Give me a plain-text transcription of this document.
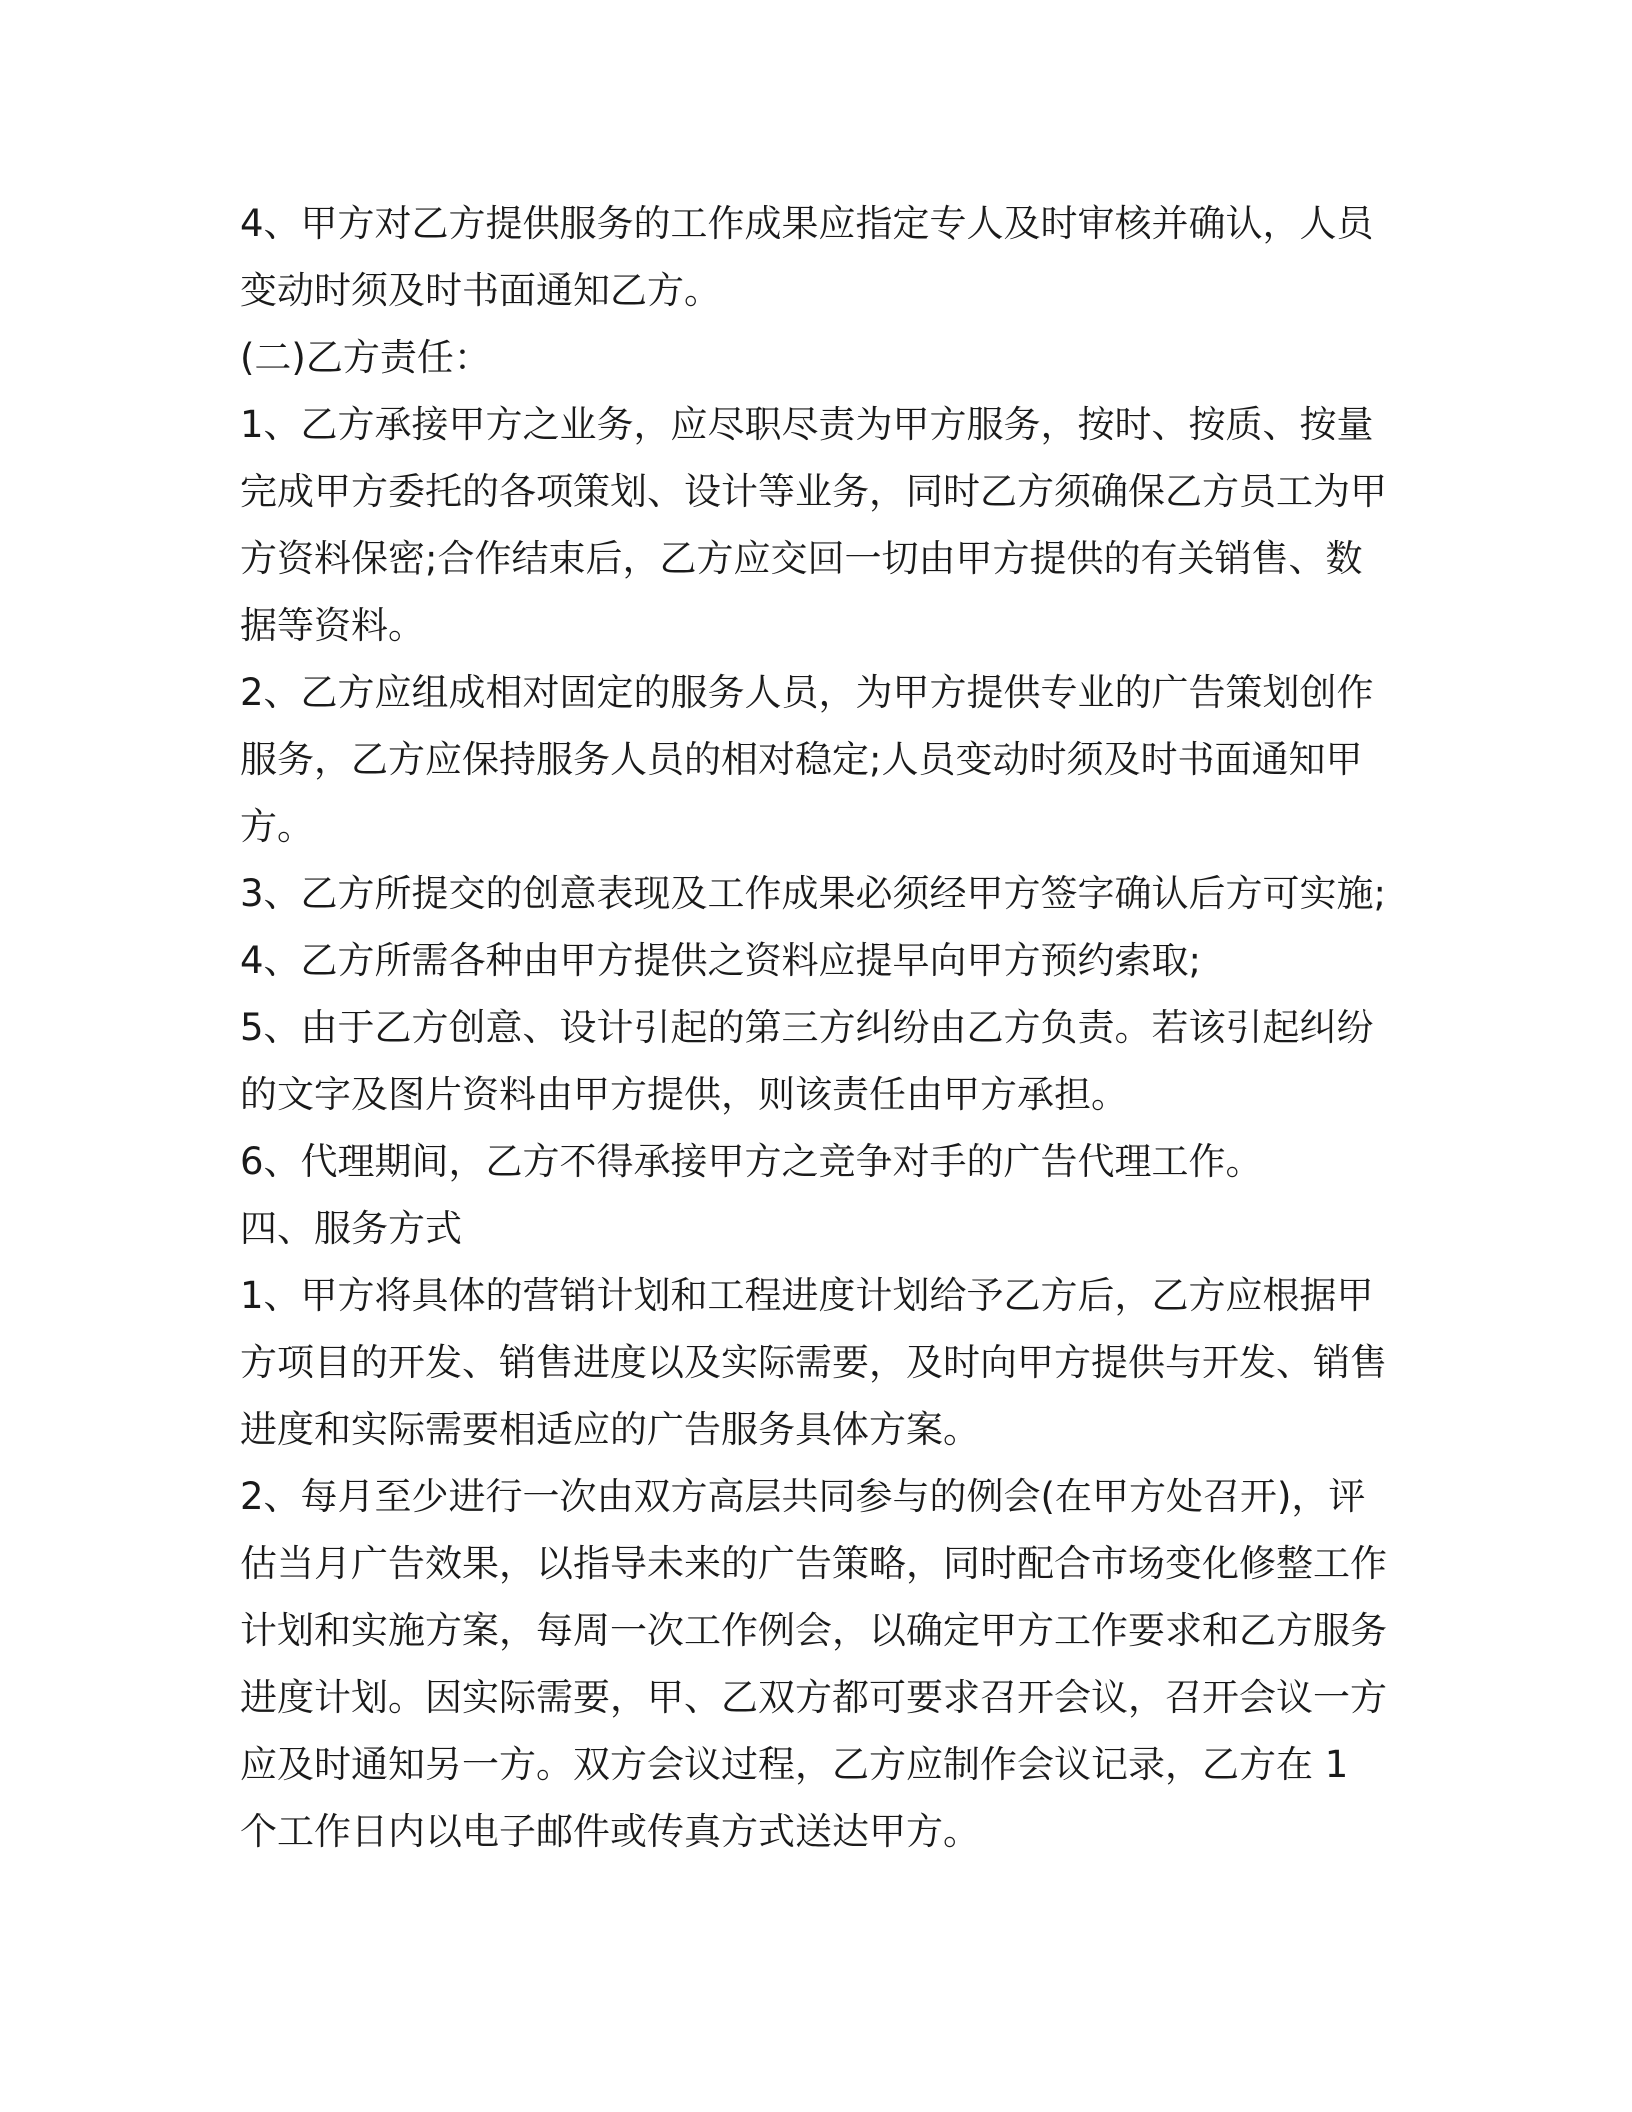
4、甲方对乙方提供服务的工作成果应指定专人及时审核并确认，人员变动时须及时书面通知乙方。

(二)乙方责任：

1、乙方承接甲方之业务，应尽职尽责为甲方服务，按时、按质、按量完成甲方委托的各项策划、设计等业务，同时乙方须确保乙方员工为甲方资料保密;合作结束后，乙方应交回一切由甲方提供的有关销售、数据等资料。

2、乙方应组成相对固定的服务人员，为甲方提供专业的广告策划创作服务，乙方应保持服务人员的相对稳定;人员变动时须及时书面通知甲方。

3、乙方所提交的创意表现及工作成果必须经甲方签字确认后方可实施;

4、乙方所需各种由甲方提供之资料应提早向甲方预约索取;

5、由于乙方创意、设计引起的第三方纠纷由乙方负责。若该引起纠纷的文字及图片资料由甲方提供，则该责任由甲方承担。

6、代理期间，乙方不得承接甲方之竞争对手的广告代理工作。

四、服务方式

1、甲方将具体的营销计划和工程进度计划给予乙方后，乙方应根据甲方项目的开发、销售进度以及实际需要，及时向甲方提供与开发、销售进度和实际需要相适应的广告服务具体方案。

2、每月至少进行一次由双方高层共同参与的例会(在甲方处召开)，评估当月广告效果，以指导未来的广告策略，同时配合市场变化修整工作计划和实施方案，每周一次工作例会，以确定甲方工作要求和乙方服务进度计划。因实际需要，甲、乙双方都可要求召开会议，召开会议一方应及时通知另一方。双方会议过程，乙方应制作会议记录，乙方在 1 个工作日内以电子邮件或传真方式送达甲方。
